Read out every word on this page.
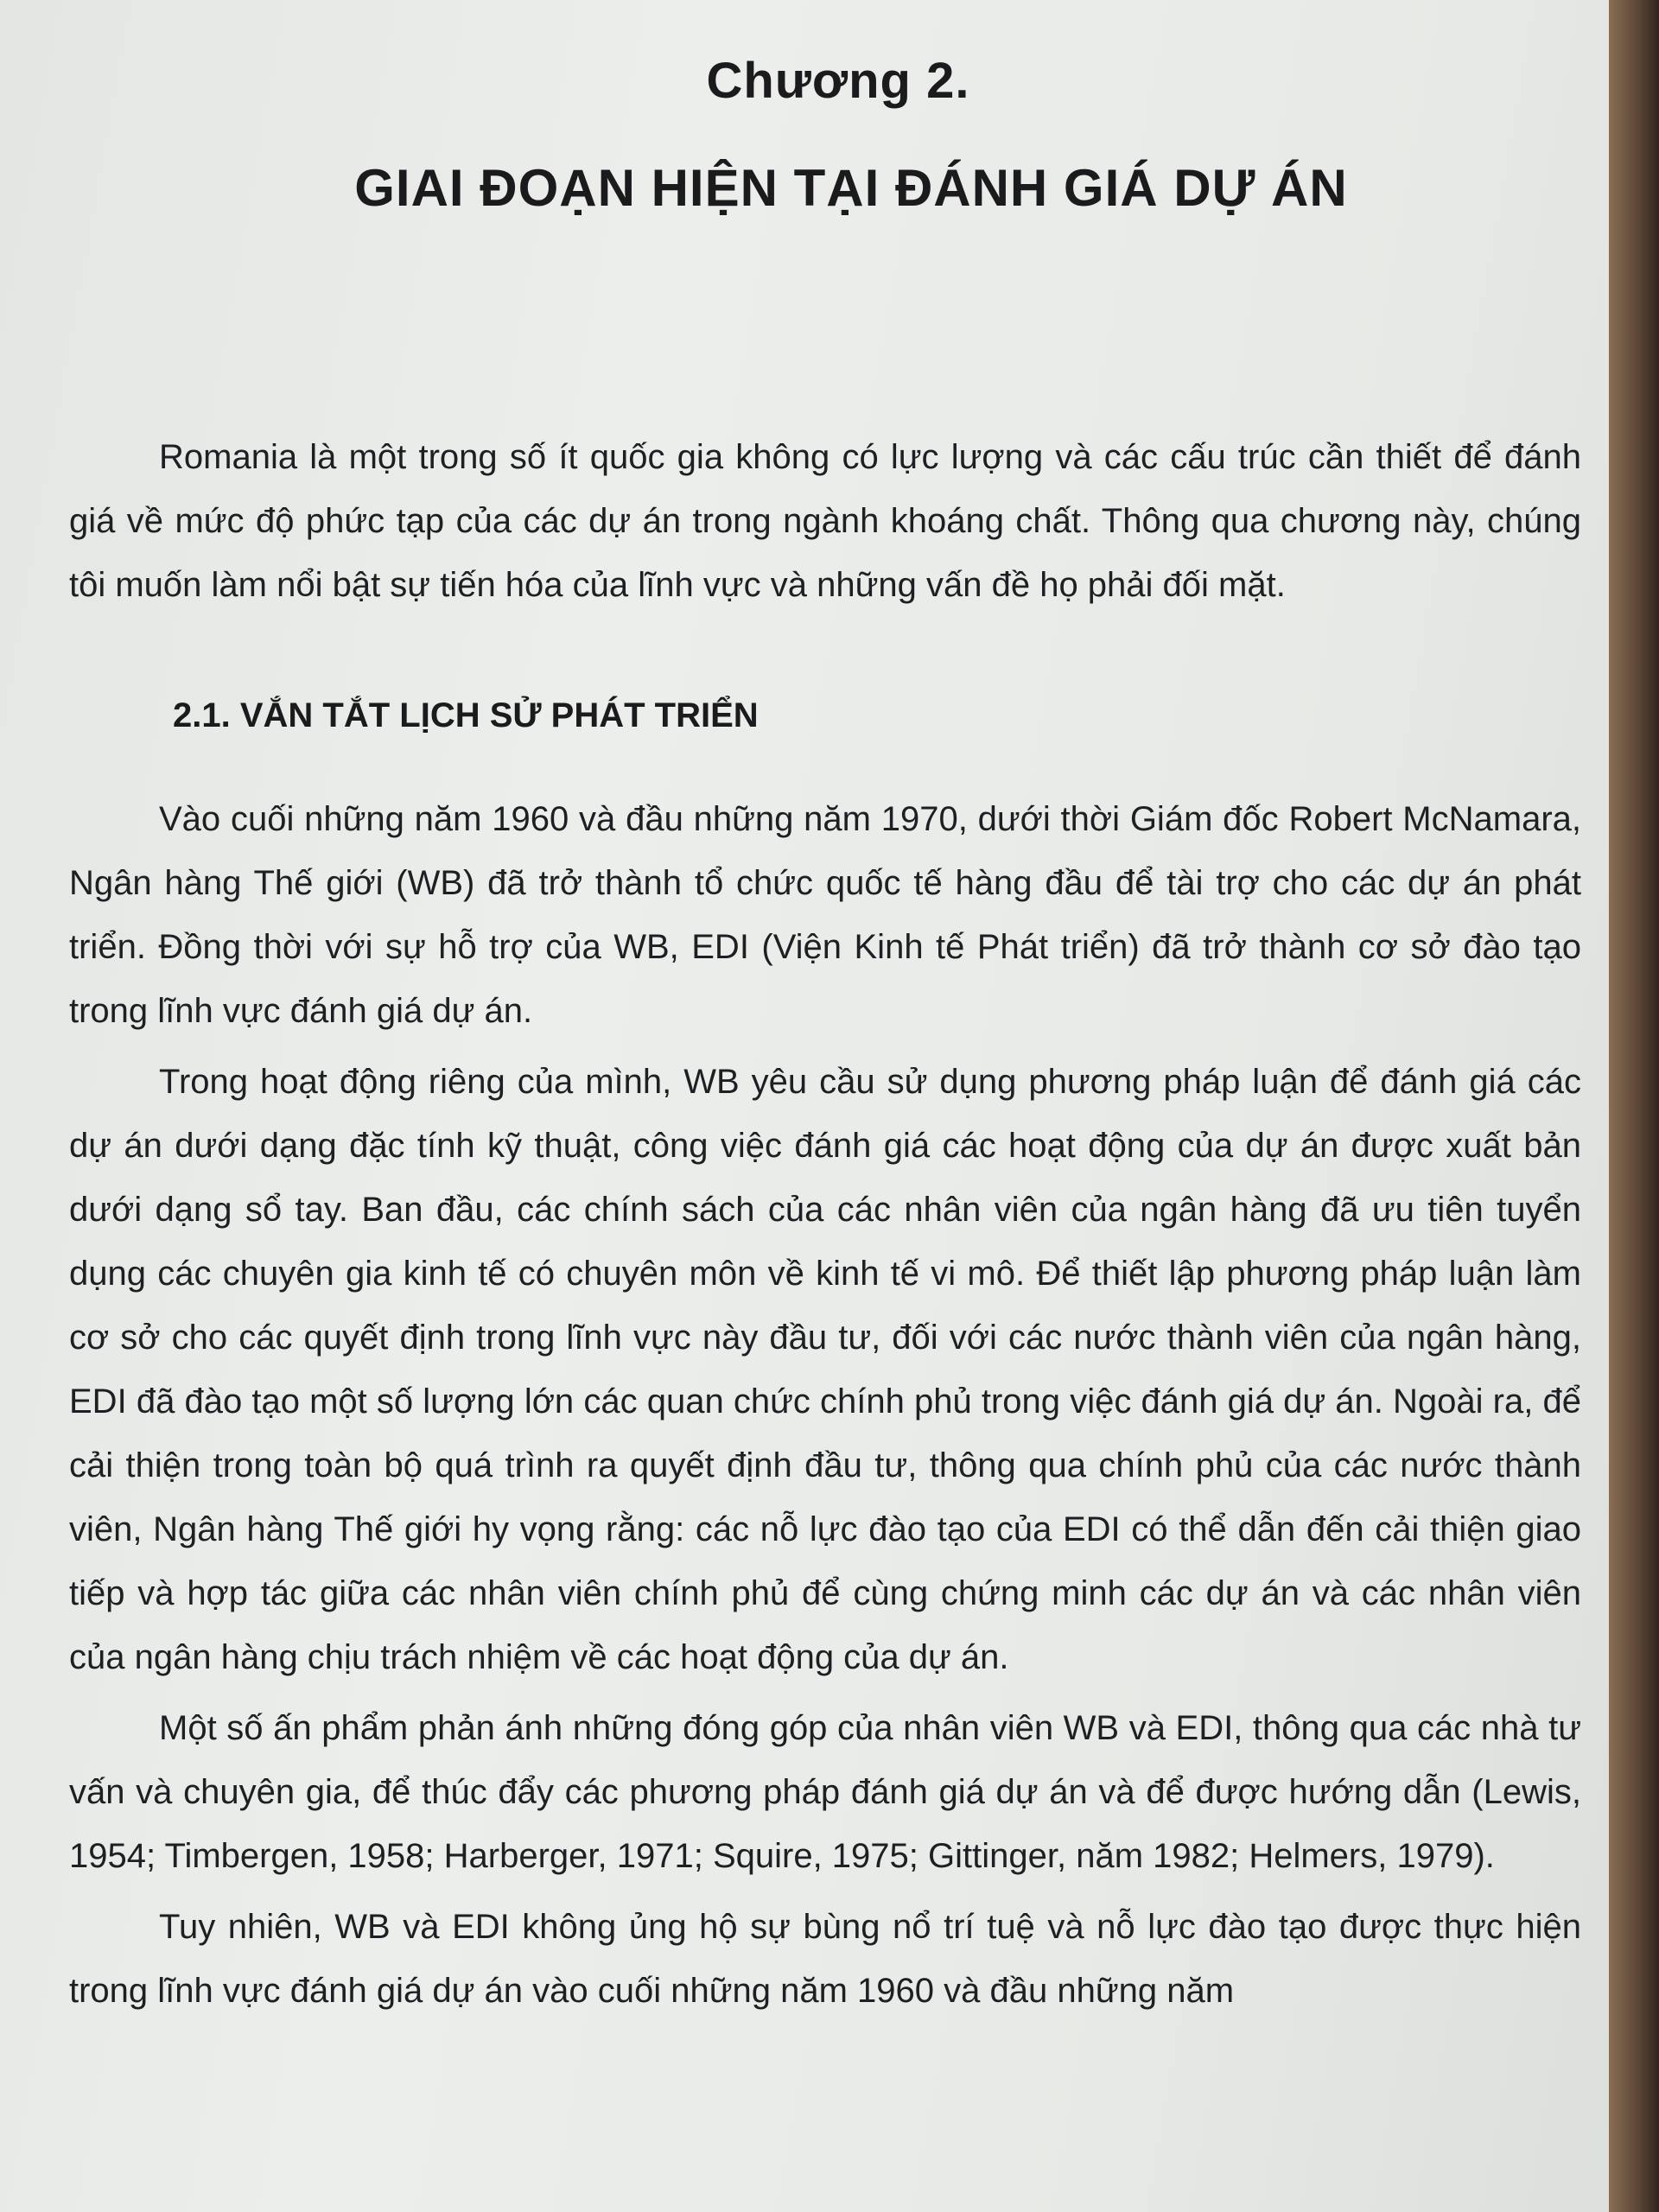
Chương 2.
GIAI ĐOẠN HIỆN TẠI ĐÁNH GIÁ DỰ ÁN

Romania là một trong số ít quốc gia không có lực lượng và các cấu trúc cần thiết để đánh giá về mức độ phức tạp của các dự án trong ngành khoáng chất. Thông qua chương này, chúng tôi muốn làm nổi bật sự tiến hóa của lĩnh vực và những vấn đề họ phải đối mặt.

2.1. VẮN TẮT LỊCH SỬ PHÁT TRIỂN

Vào cuối những năm 1960 và đầu những năm 1970, dưới thời Giám đốc Robert McNamara, Ngân hàng Thế giới (WB) đã trở thành tổ chức quốc tế hàng đầu để tài trợ cho các dự án phát triển. Đồng thời với sự hỗ trợ của WB, EDI (Viện Kinh tế Phát triển) đã trở thành cơ sở đào tạo trong lĩnh vực đánh giá dự án.

Trong hoạt động riêng của mình, WB yêu cầu sử dụng phương pháp luận để đánh giá các dự án dưới dạng đặc tính kỹ thuật, công việc đánh giá các hoạt động của dự án được xuất bản dưới dạng sổ tay. Ban đầu, các chính sách của các nhân viên của ngân hàng đã ưu tiên tuyển dụng các chuyên gia kinh tế có chuyên môn về kinh tế vi mô. Để thiết lập phương pháp luận làm cơ sở cho các quyết định trong lĩnh vực này đầu tư, đối với các nước thành viên của ngân hàng, EDI đã đào tạo một số lượng lớn các quan chức chính phủ trong việc đánh giá dự án. Ngoài ra, để cải thiện trong toàn bộ quá trình ra quyết định đầu tư, thông qua chính phủ của các nước thành viên, Ngân hàng Thế giới hy vọng rằng: các nỗ lực đào tạo của EDI có thể dẫn đến cải thiện giao tiếp và hợp tác giữa các nhân viên chính phủ để cùng chứng minh các dự án và các nhân viên của ngân hàng chịu trách nhiệm về các hoạt động của dự án.

Một số ấn phẩm phản ánh những đóng góp của nhân viên WB và EDI, thông qua các nhà tư vấn và chuyên gia, để thúc đẩy các phương pháp đánh giá dự án và để được hướng dẫn (Lewis, 1954; Timbergen, 1958; Harberger, 1971; Squire, 1975; Gittinger, năm 1982; Helmers, 1979).

Tuy nhiên, WB và EDI không ủng hộ sự bùng nổ trí tuệ và nỗ lực đào tạo được thực hiện trong lĩnh vực đánh giá dự án vào cuối những năm 1960 và đầu những năm
